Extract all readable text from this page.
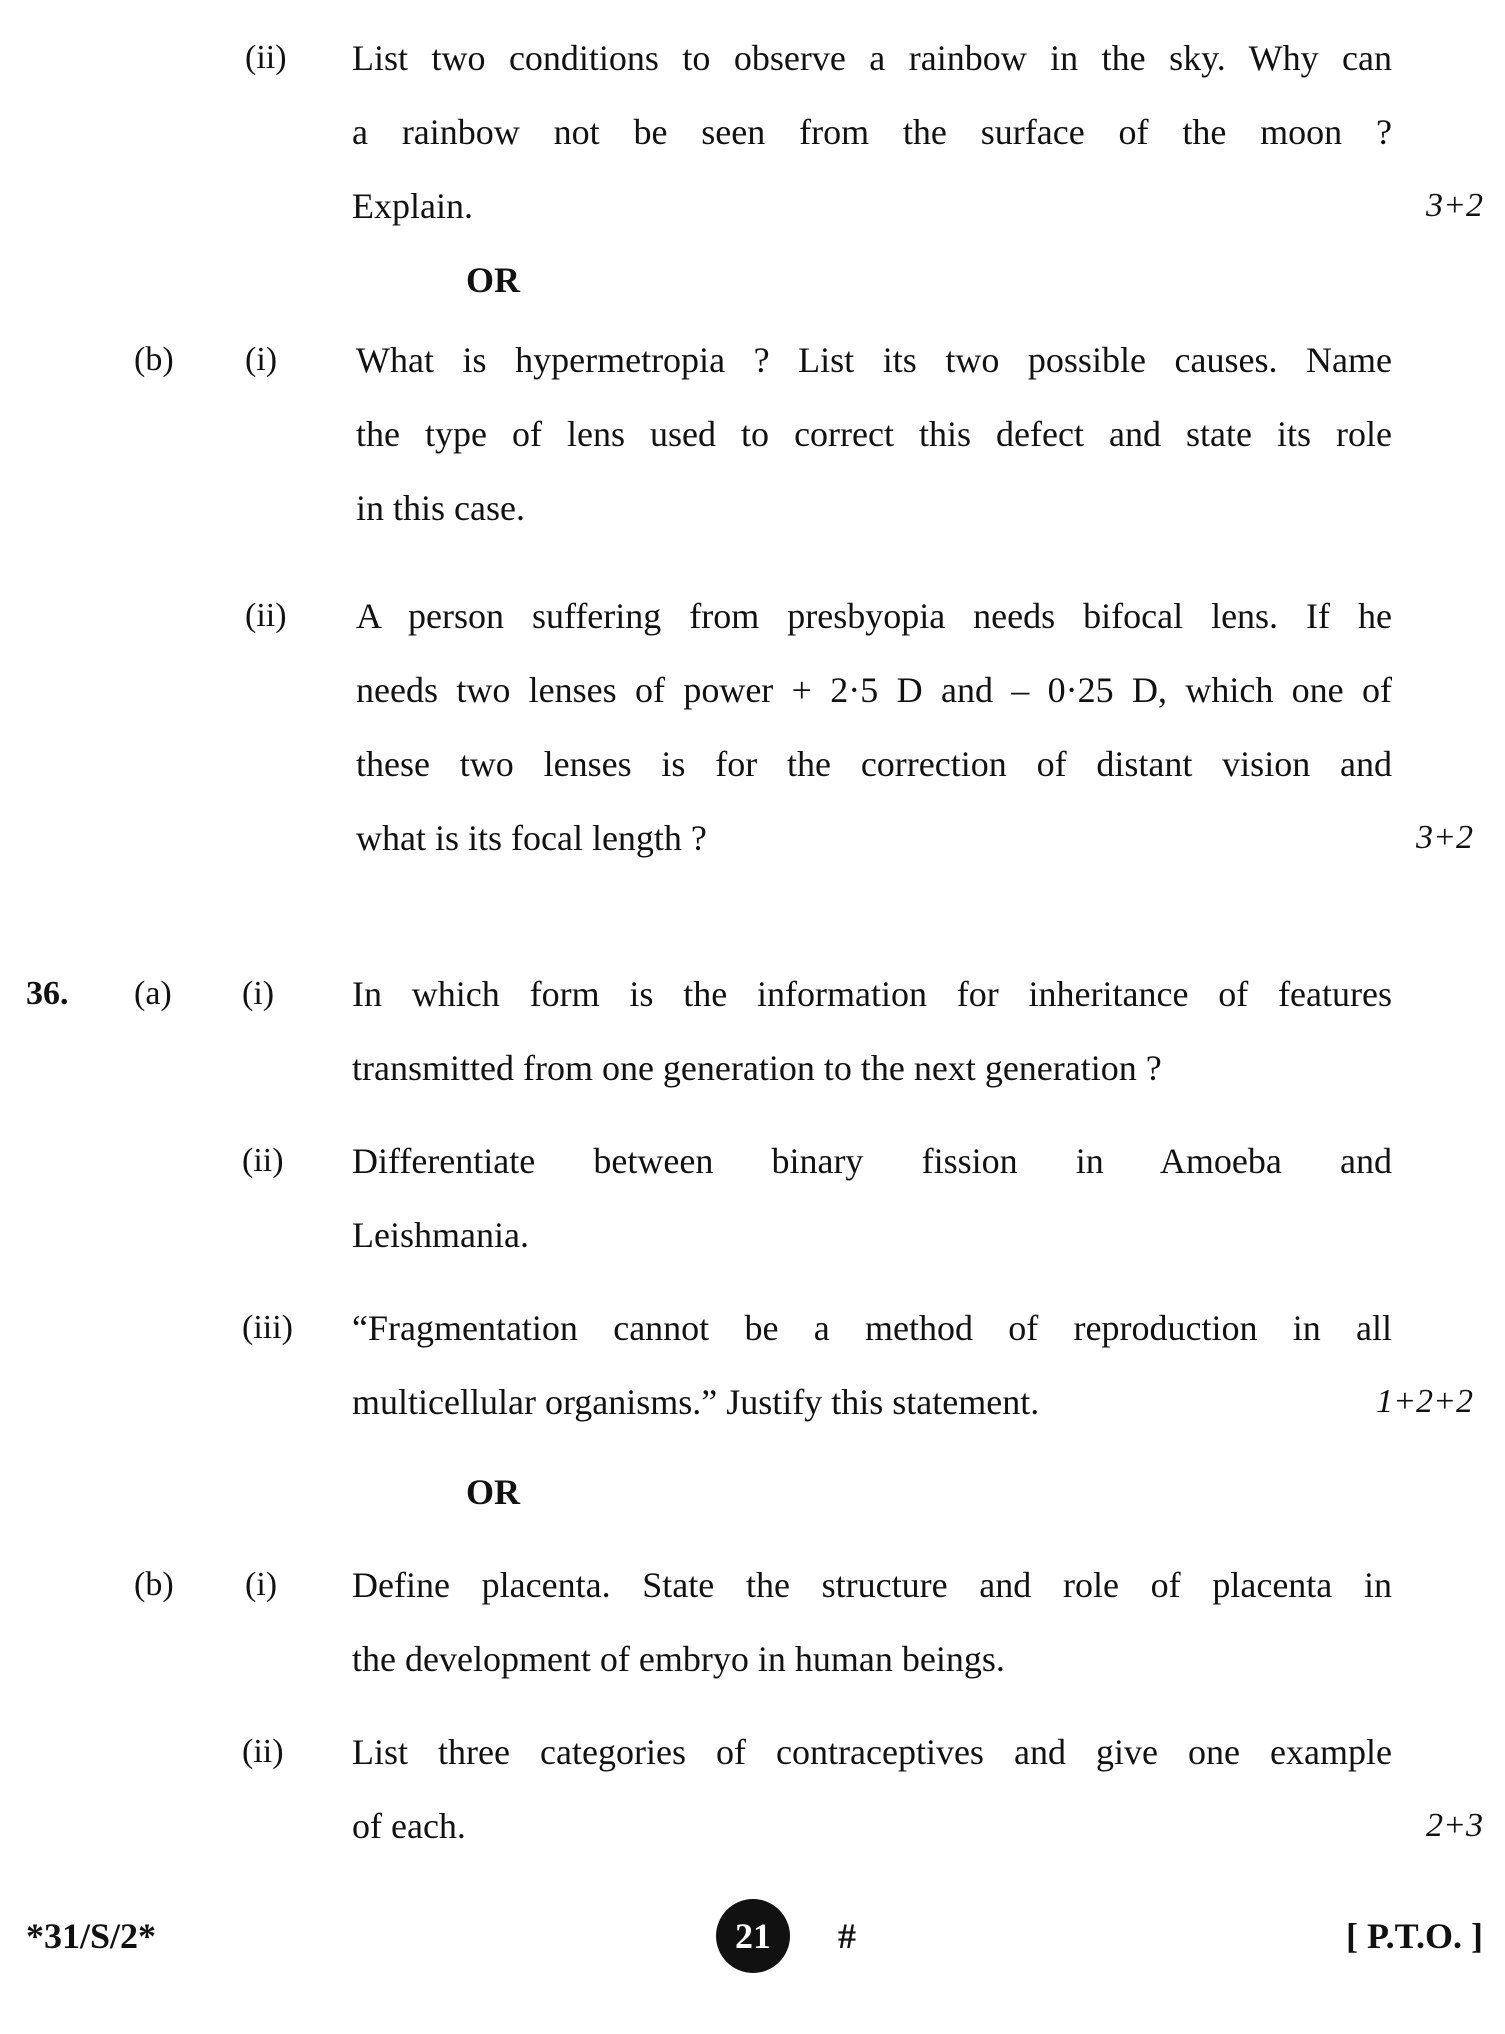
(ii) List two conditions to observe a rainbow in the sky. Why can
a rainbow not be seen from the surface of the moon ?
Explain.	3+2
OR
(b) (i) What is hypermetropia ? List its two possible causes. Name
the type of lens used to correct this defect and state its role
in this case.
(ii) A person suffering from presbyopia needs bifocal lens. If he
needs two lenses of power + 2·5 D and – 0·25 D, which one of
these two lenses is for the correction of distant vision and
what is its focal length ?	3+2
36. (a) (i) In which form is the information for inheritance of features
transmitted from one generation to the next generation ?
(ii) Differentiate between binary fission in Amoeba and
Leishmania.
(iii) “Fragmentation cannot be a method of reproduction in all
multicellular organisms.” Justify this statement.	1+2+2
OR
(b) (i) Define placenta. State the structure and role of placenta in
the development of embryo in human beings.
(ii) List three categories of contraceptives and give one example
of each.	2+3
*31/S/2*	21	#	[ P.T.O. ]
